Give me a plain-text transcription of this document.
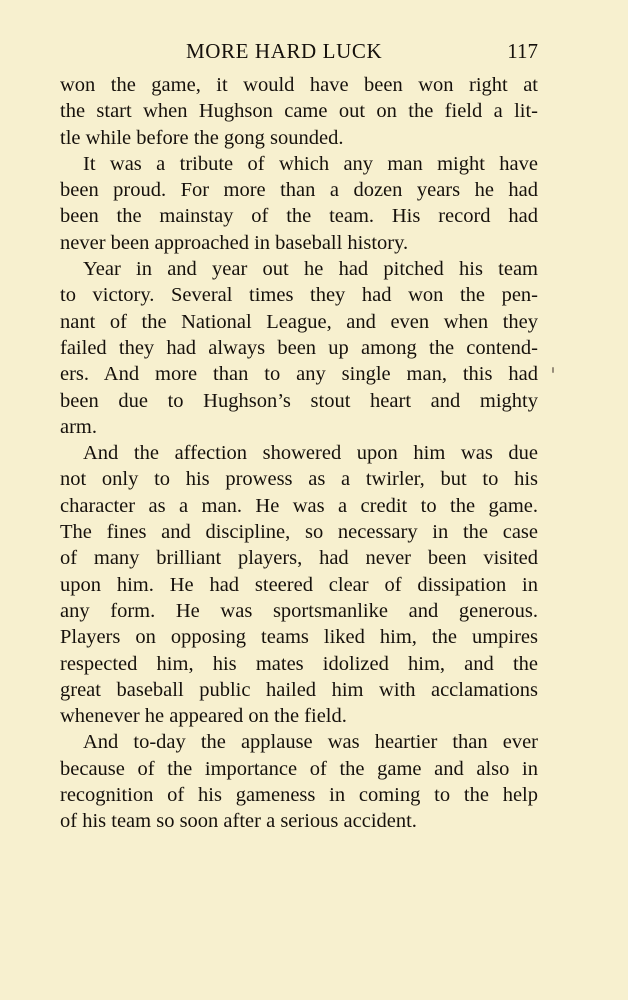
MORE HARD LUCK	117
won the game, it would have been won right at
the start when Hughson came out on the field a lit-
tle while before the gong sounded.
It was a tribute of which any man might have
been proud. For more than a dozen years he had
been the mainstay of the team. His record had
never been approached in baseball history.
Year in and year out he had pitched his team
to victory. Several times they had won the pen-
nant of the National League, and even when they
failed they had always been up among the contend-
ers. And more than to any single man, this had
been due to Hughson’s stout heart and mighty
arm.
And the affection showered upon him was due
not only to his prowess as a twirler, but to his
character as a man. He was a credit to the game.
The fines and discipline, so necessary in the case
of many brilliant players, had never been visited
upon him. He had steered clear of dissipation in
any form. He was sportsmanlike and generous.
Players on opposing teams liked him, the umpires
respected him, his mates idolized him, and the
great baseball public hailed him with acclamations
whenever he appeared on the field.
And to-day the applause was heartier than ever
because of the importance of the game and also in
recognition of his gameness in coming to the help
of his team so soon after a serious accident.
